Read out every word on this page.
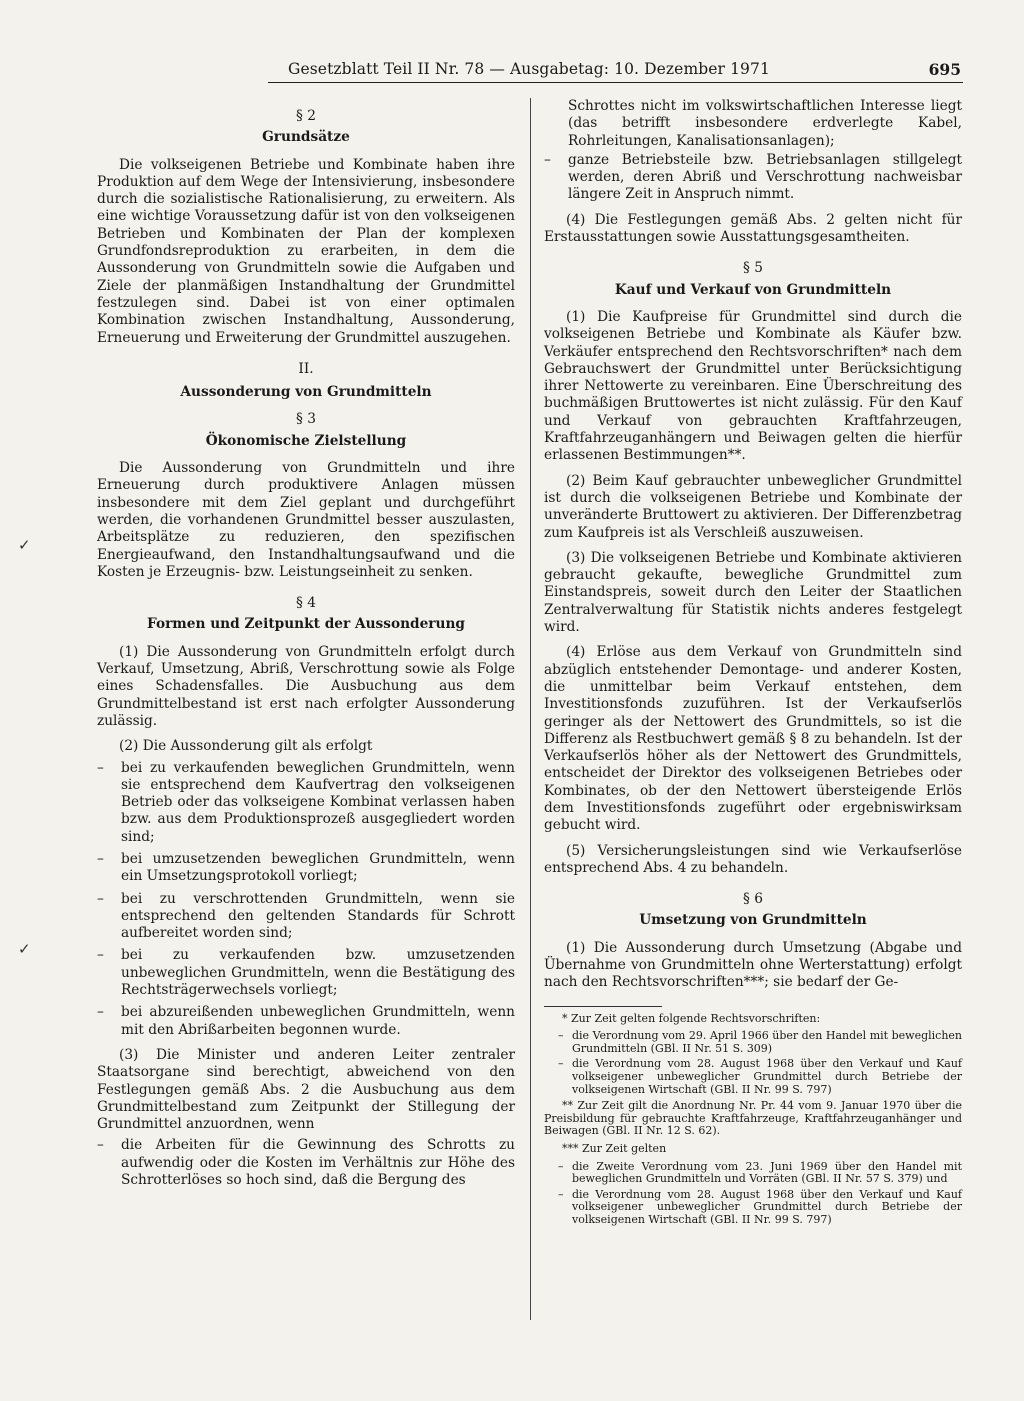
Gesetzblatt Teil II Nr. 78 — Ausgabetag: 10. Dezember 1971	695
✓
✓
§ 2
Grundsätze

Die volkseigenen Betriebe und Kombinate haben ihre Produktion auf dem Wege der Intensivierung, insbesondere durch die sozialistische Rationalisierung, zu erweitern. Als eine wichtige Voraussetzung dafür ist von den volkseigenen Betrieben und Kombinaten der Plan der komplexen Grundfondsreproduktion zu erarbeiten, in dem die Aussonderung von Grundmitteln sowie die Aufgaben und Ziele der planmäßigen Instandhaltung der Grundmittel festzulegen sind. Dabei ist von einer optimalen Kombination zwischen Instandhaltung, Aussonderung, Erneuerung und Erweiterung der Grundmittel auszugehen.

II.
Aussonderung von Grundmitteln
§ 3
Ökonomische Zielstellung

Die Aussonderung von Grundmitteln und ihre Erneuerung durch produktivere Anlagen müssen insbesondere mit dem Ziel geplant und durchgeführt werden, die vorhandenen Grundmittel besser auszulasten, Arbeitsplätze zu reduzieren, den spezifischen Energieaufwand, den Instandhaltungsaufwand und die Kosten je Erzeugnis- bzw. Leistungseinheit zu senken.

§ 4
Formen und Zeitpunkt der Aussonderung

(1) Die Aussonderung von Grundmitteln erfolgt durch Verkauf, Umsetzung, Abriß, Verschrottung sowie als Folge eines Schadensfalles. Die Ausbuchung aus dem Grundmittelbestand ist erst nach erfolgter Aussonderung zulässig.

(2) Die Aussonderung gilt als erfolgt

– bei zu verkaufenden beweglichen Grundmitteln, wenn sie entsprechend dem Kaufvertrag den volkseigenen Betrieb oder das volkseigene Kombinat verlassen haben bzw. aus dem Produktionsprozeß ausgegliedert worden sind;
– bei umzusetzenden beweglichen Grundmitteln, wenn ein Umsetzungsprotokoll vorliegt;
– bei zu verschrottenden Grundmitteln, wenn sie entsprechend den geltenden Standards für Schrott aufbereitet worden sind;
– bei zu verkaufenden bzw. umzusetzenden unbeweglichen Grundmitteln, wenn die Bestätigung des Rechtsträgerwechsels vorliegt;
– bei abzureißenden unbeweglichen Grundmitteln, wenn mit den Abrißarbeiten begonnen wurde.

(3) Die Minister und anderen Leiter zentraler Staatsorgane sind berechtigt, abweichend von den Festlegungen gemäß Abs. 2 die Ausbuchung aus dem Grundmittelbestand zum Zeitpunkt der Stillegung der Grundmittel anzuordnen, wenn

– die Arbeiten für die Gewinnung des Schrotts zu aufwendig oder die Kosten im Verhältnis zur Höhe des Schrotterlöses so hoch sind, daß die Bergung des

Schrottes nicht im volkswirtschaftlichen Interesse liegt (das betrifft insbesondere erdverlegte Kabel, Rohrleitungen, Kanalisationsanlagen);

– ganze Betriebsteile bzw. Betriebsanlagen stillgelegt werden, deren Abriß und Verschrottung nachweisbar längere Zeit in Anspruch nimmt.

(4) Die Festlegungen gemäß Abs. 2 gelten nicht für Erstausstattungen sowie Ausstattungsgesamtheiten.

§ 5
Kauf und Verkauf von Grundmitteln

(1) Die Kaufpreise für Grundmittel sind durch die volkseigenen Betriebe und Kombinate als Käufer bzw. Verkäufer entsprechend den Rechtsvorschriften* nach dem Gebrauchswert der Grundmittel unter Berücksichtigung ihrer Nettowerte zu vereinbaren. Eine Überschreitung des buchmäßigen Bruttowertes ist nicht zulässig. Für den Kauf und Verkauf von gebrauchten Kraftfahrzeugen, Kraftfahrzeuganhängern und Beiwagen gelten die hierfür erlassenen Bestimmungen**.

(2) Beim Kauf gebrauchter unbeweglicher Grundmittel ist durch die volkseigenen Betriebe und Kombinate der unveränderte Bruttowert zu aktivieren. Der Differenzbetrag zum Kaufpreis ist als Verschleiß auszuweisen.

(3) Die volkseigenen Betriebe und Kombinate aktivieren gebraucht gekaufte, bewegliche Grundmittel zum Einstandspreis, soweit durch den Leiter der Staatlichen Zentralverwaltung für Statistik nichts anderes festgelegt wird.

(4) Erlöse aus dem Verkauf von Grundmitteln sind abzüglich entstehender Demontage- und anderer Kosten, die unmittelbar beim Verkauf entstehen, dem Investitionsfonds zuzuführen. Ist der Verkaufserlös geringer als der Nettowert des Grundmittels, so ist die Differenz als Restbuchwert gemäß § 8 zu behandeln. Ist der Verkaufserlös höher als der Nettowert des Grundmittels, entscheidet der Direktor des volkseigenen Betriebes oder Kombinates, ob der den Nettowert übersteigende Erlös dem Investitionsfonds zugeführt oder ergebniswirksam gebucht wird.

(5) Versicherungsleistungen sind wie Verkaufserlöse entsprechend Abs. 4 zu behandeln.

§ 6
Umsetzung von Grundmitteln

(1) Die Aussonderung durch Umsetzung (Abgabe und Übernahme von Grundmitteln ohne Werterstattung) erfolgt nach den Rechtsvorschriften***; sie bedarf der Ge-

* Zur Zeit gelten folgende Rechtsvorschriften:

– die Verordnung vom 29. April 1966 über den Handel mit beweglichen Grundmitteln (GBl. II Nr. 51 S. 309)
– die Verordnung vom 28. August 1968 über den Verkauf und Kauf volkseigener unbeweglicher Grundmittel durch Betriebe der volkseigenen Wirtschaft (GBl. II Nr. 99 S. 797)

** Zur Zeit gilt die Anordnung Nr. Pr. 44 vom 9. Januar 1970 über die Preisbildung für gebrauchte Kraftfahrzeuge, Kraftfahrzeuganhänger und Beiwagen (GBl. II Nr. 12 S. 62).

*** Zur Zeit gelten

– die Zweite Verordnung vom 23. Juni 1969 über den Handel mit beweglichen Grundmitteln und Vorräten (GBl. II Nr. 57 S. 379) und
– die Verordnung vom 28. August 1968 über den Verkauf und Kauf volkseigener unbeweglicher Grundmittel durch Betriebe der volkseigenen Wirtschaft (GBl. II Nr. 99 S. 797)
